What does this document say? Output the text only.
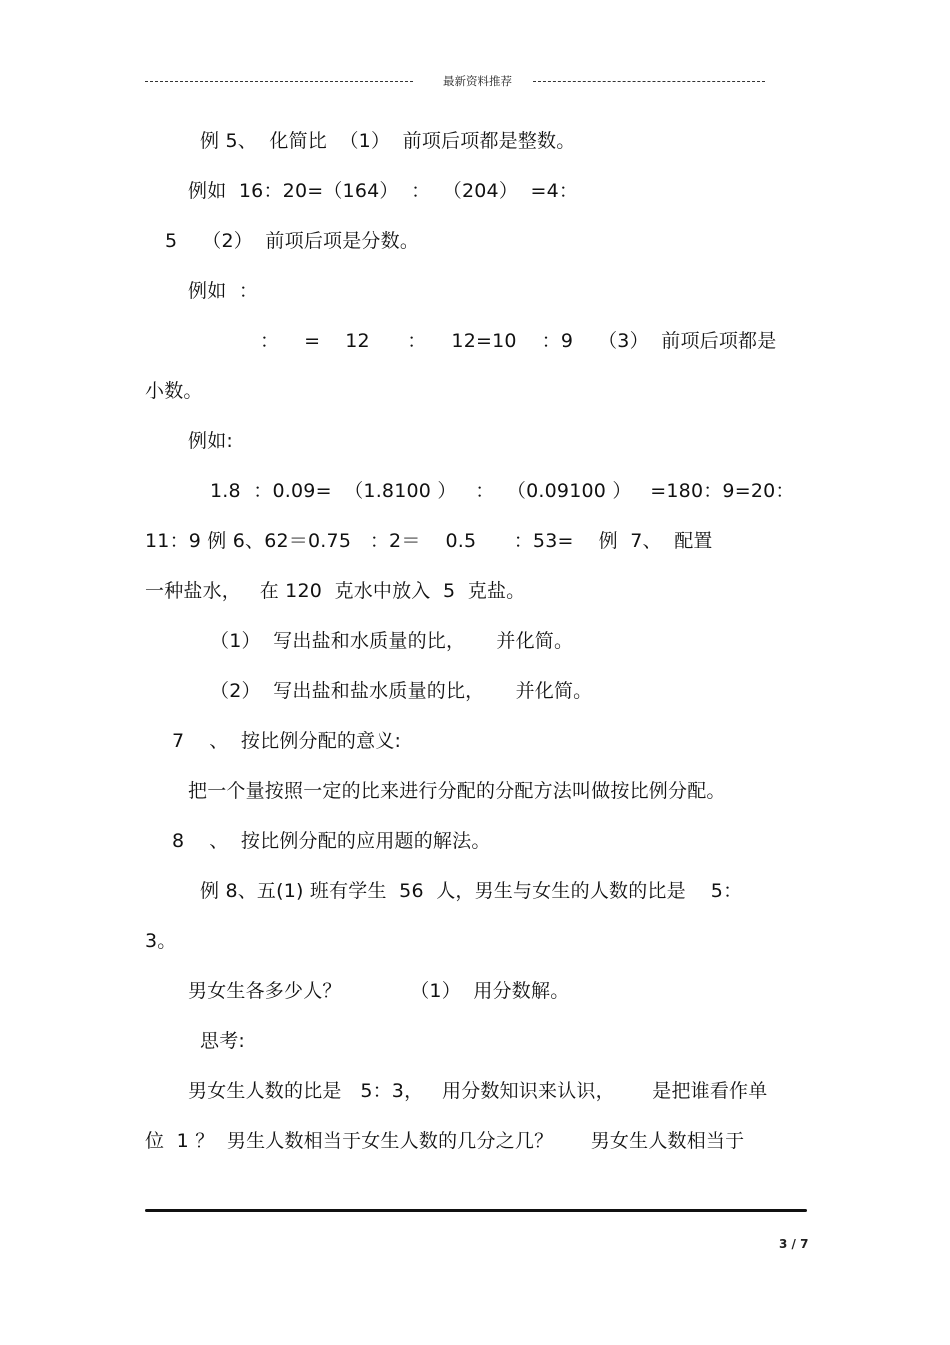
最新资料推荐
例 5、  化简比  （1）  前项后项都是整数。
例如  16：20=（164）  ：  （204）  =4：
5    （2）  前项后项是分数。
例如  ：
：    =    12      ：    12=10    ：9    （3）  前项后项都是
小数。
例如:
1.8  ：0.09=  （1.8100 ）   ：  （0.09100 ）   =180：9=20：
11：9 例 6、62＝0.75   ：2＝    0.5      ：53=    例  7、  配置
一种盐水，   在 120  克水中放入  5  克盐。
（1）  写出盐和水质量的比，     并化简。
（2）  写出盐和盐水质量的比，     并化简。
7    、  按比例分配的意义:
把一个量按照一定的比来进行分配的分配方法叫做按比例分配。
8    、  按比例分配的应用题的解法。
例 8、五(1) 班有学生  56  人，男生与女生的人数的比是    5：
3。
男女生各多少人？           （1）  用分数解。
思考:
男女生人数的比是   5：3，   用分数知识来认识，      是把谁看作单
位  1 ？  男生人数相当于女生人数的几分之几？      男女生人数相当于
3 / 7
